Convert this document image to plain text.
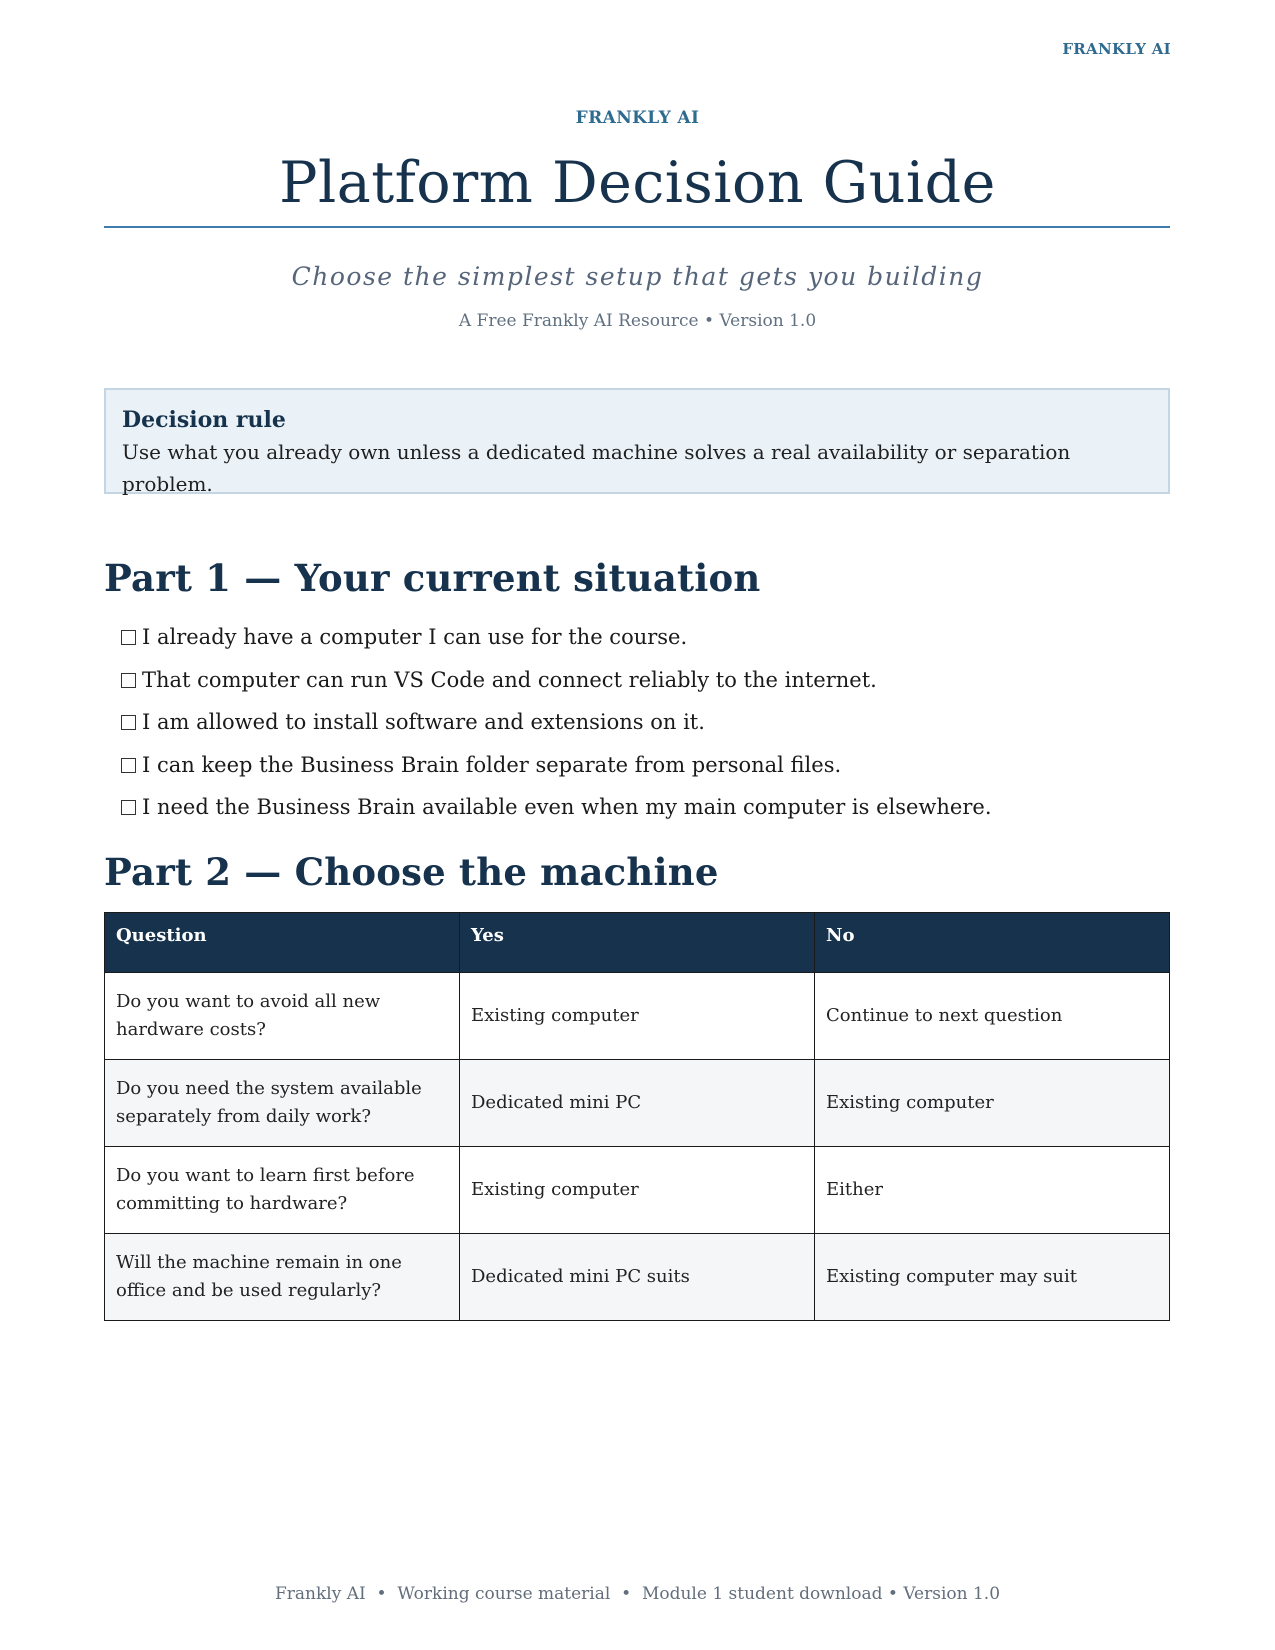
FRANKLY AI
FRANKLY AI
Platform Decision Guide
Choose the simplest setup that gets you building
A Free Frankly AI Resource • Version 1.0
Decision rule
Use what you already own unless a dedicated machine solves a real availability or separation problem.
Part 1 — Your current situation
I already have a computer I can use for the course.
That computer can run VS Code and connect reliably to the internet.
I am allowed to install software and extensions on it.
I can keep the Business Brain folder separate from personal files.
I need the Business Brain available even when my main computer is elsewhere.
Part 2 — Choose the machine
Question	Yes	No
Do you want to avoid all new hardware costs?	Existing computer	Continue to next question
Do you need the system available separately from daily work?	Dedicated mini PC	Existing computer
Do you want to learn first before committing to hardware?	Existing computer	Either
Will the machine remain in one office and be used regularly?	Dedicated mini PC suits	Existing computer may suit
Frankly AI  •  Working course material  •  Module 1 student download • Version 1.0
